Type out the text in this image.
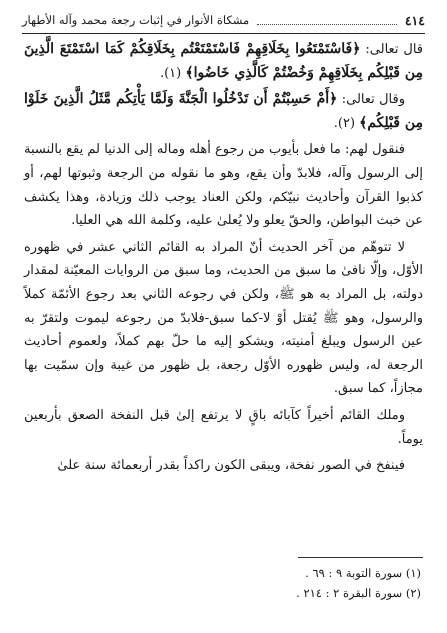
٤١٤
مشكاة الأنوار في إثبات رجعة محمد وآله الأطهار

قال تعالى: ﴿فَاسْتَمْتَعُوا بِخَلَاقِهِمْ فَاسْتَمْتَعْتُم بِخَلَاقِكُمْ كَمَا اسْتَمْتَعَ الَّذِينَ مِن قَبْلِكُم بِخَلَاقِهِمْ وَخُضْتُمْ كَالَّذِي خَاضُوا﴾ (١).

وقال تعالى: ﴿أَمْ حَسِبْتُمْ أَن تَدْخُلُوا الْجَنَّةَ وَلَمَّا يَأْتِكُم مَّثَلُ الَّذِينَ خَلَوْا مِن قَبْلِكُم﴾ (٢).

فنقول لهم: ما فعل بأيوب من رجوع أهله وماله إلى الدنيا لم يقع بالنسبة إلى الرسول وآله، فلابدّ وأن يقع، وهو ما نقوله من الرجعة وثبوتها لهم، أو كذبوا القرآن وأحاديث نبيّكم، ولكن العناد يوجب ذلك وزيادة، وهذا يكشف عن خبث البواطن، والحقّ يعلو ولا يُعلىٰ عليه، وكلمة الله هي العليا.

لا تتوهّم من آخر الحديث أنّ المراد به القائم الثاني عشر في ظهوره الأوّل، وإلّا نافىٰ ما سبق من الحديث، وما سبق من الروايات المعيّنة لمقدار دولته، بل المراد به هو ﷺ، ولكن في رجوعه الثاني بعد رجوع الأئمّة كملاً والرسول، وهو ﷺ يُقتل أوْ لا-كما سبق-فلابدّ من رجوعه ليموت ولتقرّ به عين الرسول ويبلغ أمنيته، ويشكو إليه ما حلّ بهم كملاً، ولعموم أحاديث الرجعة له، وليس ظهوره الأوّل رجعة، بل ظهور من غيبة وإن سمّيت بها مجازاً، كما سبق.

وملك القائم أخيراً كآبائه باقٍ لا يرتفع إلىٰ قبل النفخة الصعق بأربعين يوماً.

فينفخ في الصور نفخة، ويبقى الكون راكداً بقدر أربعمائة سنة علىٰ

(١) سورة التوبة ٩ : ٦٩ .
(٢) سورة البقرة ٢ : ٢١٤ .
